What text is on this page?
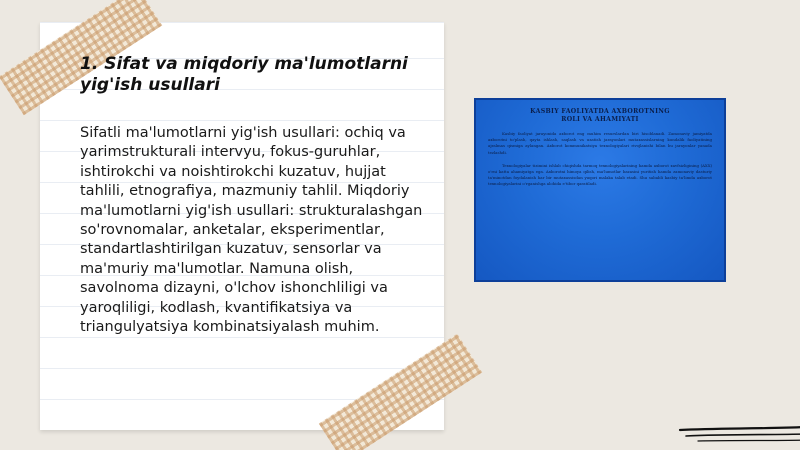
1. Sifat va miqdoriy ma'lumotlarni yig'ish usullari
Sifatli ma'lumotlarni yig'ish usullari: ochiq va yarimstrukturali intervyu, fokus-guruhlar, ishtirokchi va noishtirokchi kuzatuv, hujjat tahlili, etnografiya, mazmuniy tahlil. Miqdoriy ma'lumotlarni yig'ish usullari: strukturalashgan so'rovnomalar, anketalar, eksperimentlar, standartlashtirilgan kuzatuv, sensorlar va ma'muriy ma'lumotlar. Namuna olish, savolnoma dizayni, o'lchov ishonchliligi va yaroqliligi, kodlash, kvantifikatsiya va triangulyatsiya kombinatsiyalash muhim.
KASBIY FAOLIYATDA AXBOROTNING
ROLI VA AHAMIYATI

Kasbiy faoliyat jarayonida axborot eng muhim resurslardan biri hisoblanadi. Zamonaviy jamiyatda axborotni to'plash, qayta ishlash, saqlash va uzatish jarayonlari mutaxassislarning kundalik faoliyatining ajralmas qismiga aylangan. Axborot kommunikatsiya texnologiyalari rivojlanishi bilan bu jarayonlar yanada tezlashdi.

Texnologiyalar tizimini ishlab chiqishda tarmoq texnologiyalarining hamda axborot xavfsizligining (AXX) o'rni katta ahamiyatga ega. Axborotni himoya qilish, ma'lumotlar bazasini yuritish hamda zamonaviy dasturiy ta'minotdan foydalanish har bir mutaxassisdan yuqori malaka talab etadi. Shu sababli kasbiy ta'limda axborot texnologiyalarini o'rganishga alohida e'tibor qaratiladi.
